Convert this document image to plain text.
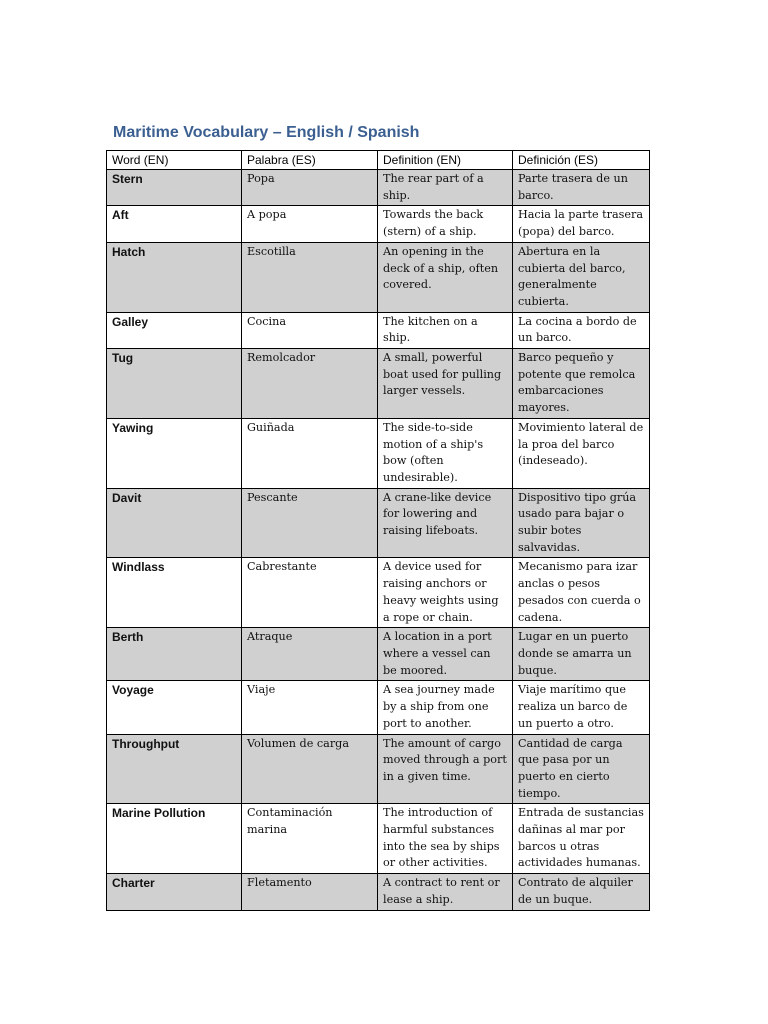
Maritime Vocabulary – English / Spanish
Word (EN)	Palabra (ES)	Definition (EN)	Definición (ES)
Stern	Popa	The rear part of a ship.	Parte trasera de un barco.
Aft	A popa	Towards the back (stern) of a ship.	Hacia la parte trasera (popa) del barco.
Hatch	Escotilla	An opening in the deck of a ship, often covered.	Abertura en la cubierta del barco, generalmente cubierta.
Galley	Cocina	The kitchen on a ship.	La cocina a bordo de un barco.
Tug	Remolcador	A small, powerful boat used for pulling larger vessels.	Barco pequeño y potente que remolca embarcaciones mayores.
Yawing	Guiñada	The side-to-side motion of a ship's bow (often undesirable).	Movimiento lateral de la proa del barco (indeseado).
Davit	Pescante	A crane-like device for lowering and raising lifeboats.	Dispositivo tipo grúa usado para bajar o subir botes salvavidas.
Windlass	Cabrestante	A device used for raising anchors or heavy weights using a rope or chain.	Mecanismo para izar anclas o pesos pesados con cuerda o cadena.
Berth	Atraque	A location in a port where a vessel can be moored.	Lugar en un puerto donde se amarra un buque.
Voyage	Viaje	A sea journey made by a ship from one port to another.	Viaje marítimo que realiza un barco de un puerto a otro.
Throughput	Volumen de carga	The amount of cargo moved through a port in a given time.	Cantidad de carga que pasa por un puerto en cierto tiempo.
Marine Pollution	Contaminación marina	The introduction of harmful substances into the sea by ships or other activities.	Entrada de sustancias dañinas al mar por barcos u otras actividades humanas.
Charter	Fletamento	A contract to rent or lease a ship.	Contrato de alquiler de un buque.
